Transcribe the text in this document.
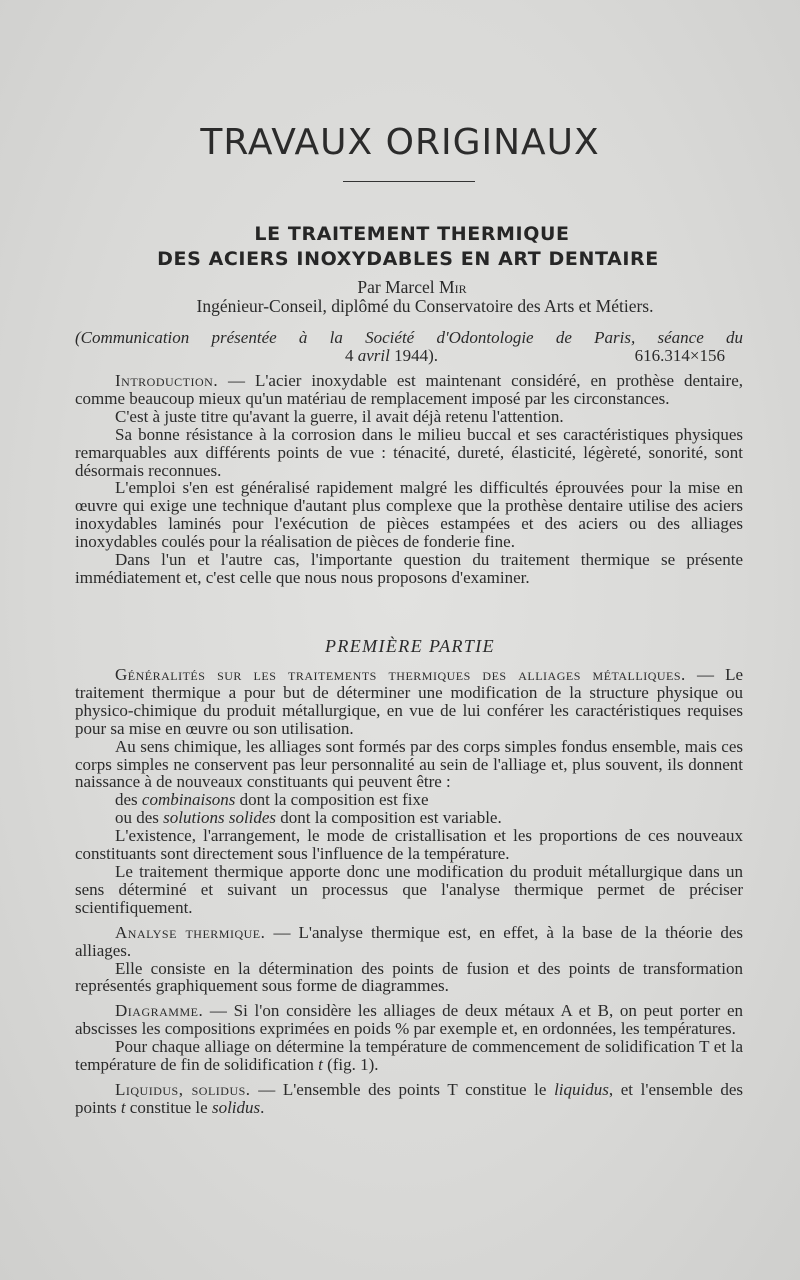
TRAVAUX ORIGINAUX
LE TRAITEMENT THERMIQUE
DES ACIERS INOXYDABLES EN ART DENTAIRE
Par Marcel Mir
Ingénieur-Conseil, diplômé du Conservatoire des Arts et Métiers.
(Communication présentée à la Société d'Odontologie de Paris, séance du
4 avril 1944).	616.314×156

Introduction. — L'acier inoxydable est maintenant considéré, en prothèse dentaire, comme beaucoup mieux qu'un matériau de remplacement imposé par les circonstances.

C'est à juste titre qu'avant la guerre, il avait déjà retenu l'attention.

Sa bonne résistance à la corrosion dans le milieu buccal et ses caractéristiques physiques remarquables aux différents points de vue : ténacité, dureté, élasticité, légèreté, sonorité, sont désormais reconnues.

L'emploi s'en est généralisé rapidement malgré les difficultés éprouvées pour la mise en œuvre qui exige une technique d'autant plus complexe que la prothèse dentaire utilise des aciers inoxydables laminés pour l'exécution de pièces estampées et des aciers ou des alliages inoxydables coulés pour la réalisation de pièces de fonderie fine.

Dans l'un et l'autre cas, l'importante question du traitement thermique se présente immédiatement et, c'est celle que nous nous proposons d'examiner.

PREMIÈRE PARTIE

Généralités sur les traitements thermiques des alliages métalliques. — Le traitement thermique a pour but de déterminer une modification de la structure physique ou physico-chimique du produit métallurgique, en vue de lui conférer les caractéristiques requises pour sa mise en œuvre ou son utilisation.

Au sens chimique, les alliages sont formés par des corps simples fondus ensemble, mais ces corps simples ne conservent pas leur personnalité au sein de l'alliage et, plus souvent, ils donnent naissance à de nouveaux constituants qui peuvent être :

des combinaisons dont la composition est fixe

ou des solutions solides dont la composition est variable.

L'existence, l'arrangement, le mode de cristallisation et les proportions de ces nouveaux constituants sont directement sous l'influence de la température.

Le traitement thermique apporte donc une modification du produit métallurgique dans un sens déterminé et suivant un processus que l'analyse thermique permet de préciser scientifiquement.

Analyse thermique. — L'analyse thermique est, en effet, à la base de la théorie des alliages.

Elle consiste en la détermination des points de fusion et des points de transformation représentés graphiquement sous forme de diagrammes.

Diagramme. — Si l'on considère les alliages de deux métaux A et B, on peut porter en abscisses les compositions exprimées en poids % par exemple et, en ordonnées, les températures.

Pour chaque alliage on détermine la température de commencement de solidification T et la température de fin de solidification t (fig. 1).

Liquidus, solidus. — L'ensemble des points T constitue le liquidus, et l'ensemble des points t constitue le solidus.
